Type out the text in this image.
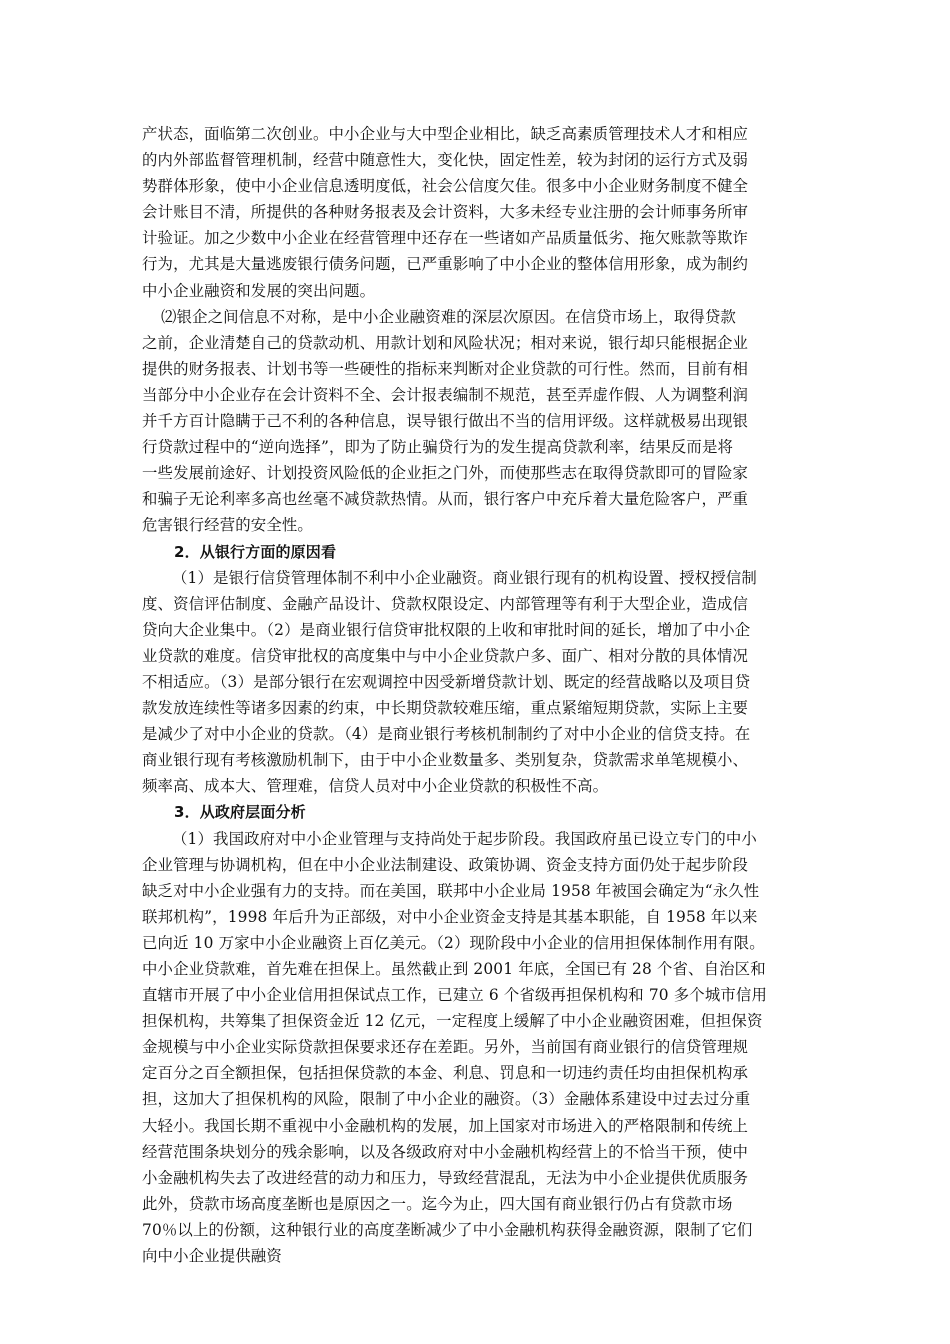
产状态，面临第二次创业。中小企业与大中型企业相比，缺乏高素质管理技术人才和相应
的内外部监督管理机制，经营中随意性大，变化快，固定性差，较为封闭的运行方式及弱
势群体形象，使中小企业信息透明度低，社会公信度欠佳。很多中小企业财务制度不健全
会计账目不清，所提供的各种财务报表及会计资料，大多未经专业注册的会计师事务所审
计验证。加之少数中小企业在经营管理中还存在一些诸如产品质量低劣、拖欠账款等欺诈
行为，尤其是大量逃废银行债务问题，已严重影响了中小企业的整体信用形象，成为制约
中小企业融资和发展的突出问题。
⑵银企之间信息不对称，是中小企业融资难的深层次原因。在信贷市场上，取得贷款
之前，企业清楚自己的贷款动机、用款计划和风险状况；相对来说，银行却只能根据企业
提供的财务报表、计划书等一些硬性的指标来判断对企业贷款的可行性。然而，目前有相
当部分中小企业存在会计资料不全、会计报表编制不规范，甚至弄虚作假、人为调整利润
并千方百计隐瞒于己不利的各种信息，误导银行做出不当的信用评级。这样就极易出现银
行贷款过程中的“逆向选择”，即为了防止骗贷行为的发生提高贷款利率，结果反而是将
一些发展前途好、计划投资风险低的企业拒之门外，而使那些志在取得贷款即可的冒险家
和骗子无论利率多高也丝毫不减贷款热情。从而，银行客户中充斥着大量危险客户，严重
危害银行经营的安全性。
2．从银行方面的原因看
（1）是银行信贷管理体制不利中小企业融资。商业银行现有的机构设置、授权授信制
度、资信评估制度、金融产品设计、贷款权限设定、内部管理等有利于大型企业，造成信
贷向大企业集中。（2）是商业银行信贷审批权限的上收和审批时间的延长，增加了中小企
业贷款的难度。信贷审批权的高度集中与中小企业贷款户多、面广、相对分散的具体情况
不相适应。（3）是部分银行在宏观调控中因受新增贷款计划、既定的经营战略以及项目贷
款发放连续性等诸多因素的约束，中长期贷款较难压缩，重点紧缩短期贷款，实际上主要
是减少了对中小企业的贷款。（4）是商业银行考核机制制约了对中小企业的信贷支持。在
商业银行现有考核激励机制下，由于中小企业数量多、类别复杂，贷款需求单笔规模小、
频率高、成本大、管理难，信贷人员对中小企业贷款的积极性不高。
3．从政府层面分析
（1）我国政府对中小企业管理与支持尚处于起步阶段。我国政府虽已设立专门的中小
企业管理与协调机构，但在中小企业法制建设、政策协调、资金支持方面仍处于起步阶段
缺乏对中小企业强有力的支持。而在美国，联邦中小企业局 1958 年被国会确定为“永久性
联邦机构”，1998 年后升为正部级，对中小企业资金支持是其基本职能，自 1958 年以来
已向近 10 万家中小企业融资上百亿美元。（2）现阶段中小企业的信用担保体制作用有限。
中小企业贷款难，首先难在担保上。虽然截止到 2001 年底，全国已有 28 个省、自治区和
直辖市开展了中小企业信用担保试点工作，已建立 6 个省级再担保机构和 70 多个城市信用
担保机构，共筹集了担保资金近 12 亿元，一定程度上缓解了中小企业融资困难，但担保资
金规模与中小企业实际贷款担保要求还存在差距。另外，当前国有商业银行的信贷管理规
定百分之百全额担保，包括担保贷款的本金、利息、罚息和一切违约责任均由担保机构承
担，这加大了担保机构的风险，限制了中小企业的融资。（3）金融体系建设中过去过分重
大轻小。我国长期不重视中小金融机构的发展，加上国家对市场进入的严格限制和传统上
经营范围条块划分的残余影响，以及各级政府对中小金融机构经营上的不恰当干预，使中
小金融机构失去了改进经营的动力和压力，导致经营混乱，无法为中小企业提供优质服务
此外，贷款市场高度垄断也是原因之一。迄今为止，四大国有商业银行仍占有贷款市场
70％以上的份额，这种银行业的高度垄断减少了中小金融机构获得金融资源，限制了它们
向中小企业提供融资
